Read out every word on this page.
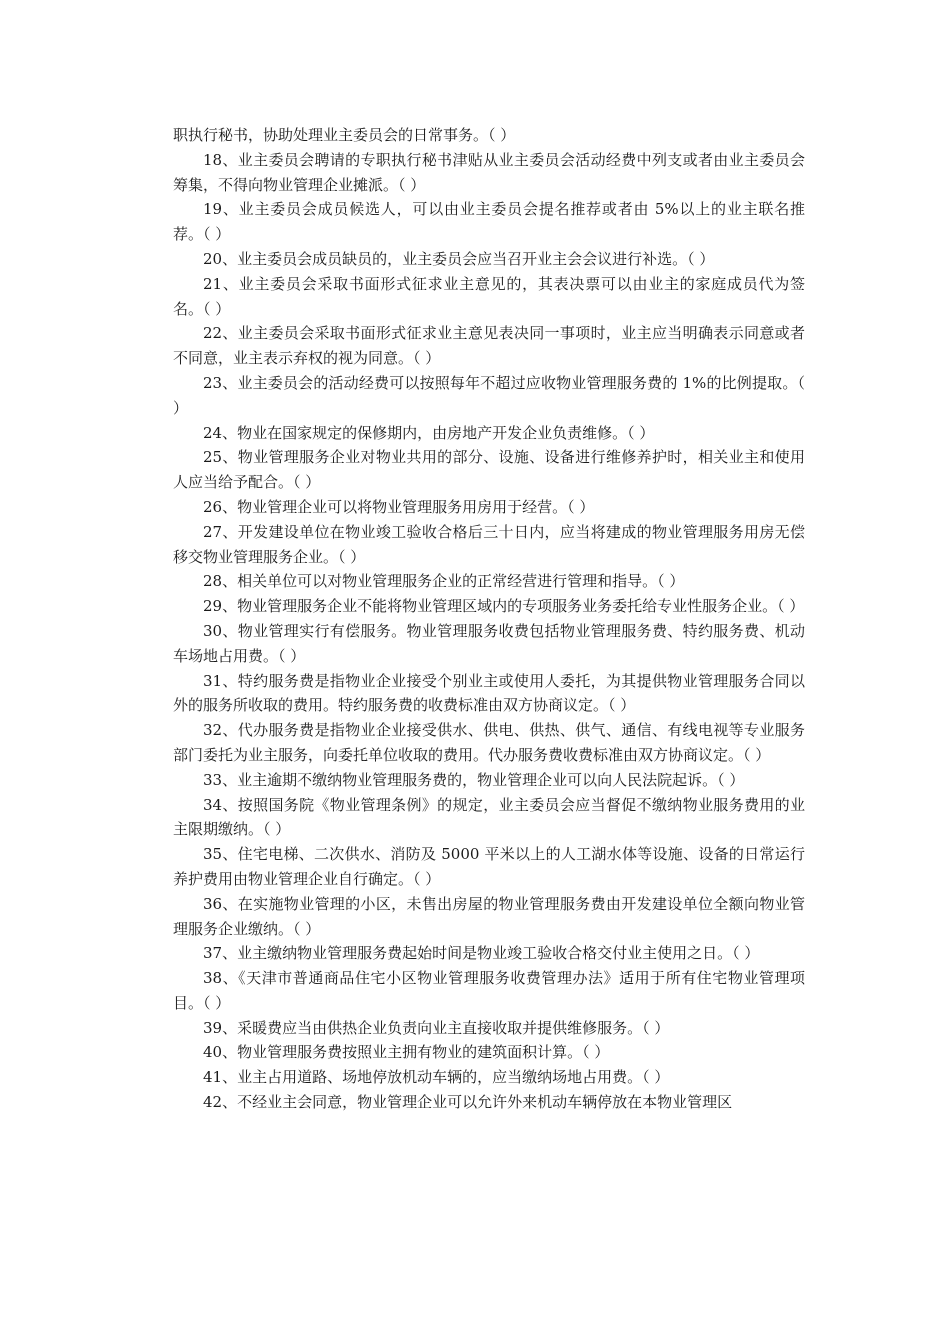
职执行秘书，协助处理业主委员会的日常事务。（ ）

18、业主委员会聘请的专职执行秘书津贴从业主委员会活动经费中列支或者由业主委员会筹集，不得向物业管理企业摊派。（ ）

19、业主委员会成员候选人，可以由业主委员会提名推荐或者由 5%以上的业主联名推荐。（ ）

20、业主委员会成员缺员的，业主委员会应当召开业主会会议进行补选。（ ）

21、业主委员会采取书面形式征求业主意见的，其表决票可以由业主的家庭成员代为签名。（ ）

22、业主委员会采取书面形式征求业主意见表决同一事项时，业主应当明确表示同意或者不同意，业主表示弃权的视为同意。（ ）

23、业主委员会的活动经费可以按照每年不超过应收物业管理服务费的 1%的比例提取。（ ）

24、物业在国家规定的保修期内，由房地产开发企业负责维修。（ ）

25、物业管理服务企业对物业共用的部分、设施、设备进行维修养护时，相关业主和使用人应当给予配合。（ ）

26、物业管理企业可以将物业管理服务用房用于经营。（ ）

27、开发建设单位在物业竣工验收合格后三十日内，应当将建成的物业管理服务用房无偿移交物业管理服务企业。（ ）

28、相关单位可以对物业管理服务企业的正常经营进行管理和指导。（ ）

29、物业管理服务企业不能将物业管理区域内的专项服务业务委托给专业性服务企业。（ ）

30、物业管理实行有偿服务。物业管理服务收费包括物业管理服务费、特约服务费、机动车场地占用费。（ ）

31、特约服务费是指物业企业接受个别业主或使用人委托，为其提供物业管理服务合同以外的服务所收取的费用。特约服务费的收费标准由双方协商议定。（ ）

32、代办服务费是指物业企业接受供水、供电、供热、供气、通信、有线电视等专业服务部门委托为业主服务，向委托单位收取的费用。代办服务费收费标准由双方协商议定。（ ）

33、业主逾期不缴纳物业管理服务费的，物业管理企业可以向人民法院起诉。（ ）

34、按照国务院《物业管理条例》的规定，业主委员会应当督促不缴纳物业服务费用的业主限期缴纳。（ ）

35、住宅电梯、二次供水、消防及 5000 平米以上的人工湖水体等设施、设备的日常运行养护费用由物业管理企业自行确定。（ ）

36、在实施物业管理的小区，未售出房屋的物业管理服务费由开发建设单位全额向物业管理服务企业缴纳。（ ）

37、业主缴纳物业管理服务费起始时间是物业竣工验收合格交付业主使用之日。（ ）

38、《天津市普通商品住宅小区物业管理服务收费管理办法》适用于所有住宅物业管理项目。（ ）

39、采暖费应当由供热企业负责向业主直接收取并提供维修服务。（ ）

40、物业管理服务费按照业主拥有物业的建筑面积计算。（ ）

41、业主占用道路、场地停放机动车辆的，应当缴纳场地占用费。（ ）

42、不经业主会同意，物业管理企业可以允许外来机动车辆停放在本物业管理区
